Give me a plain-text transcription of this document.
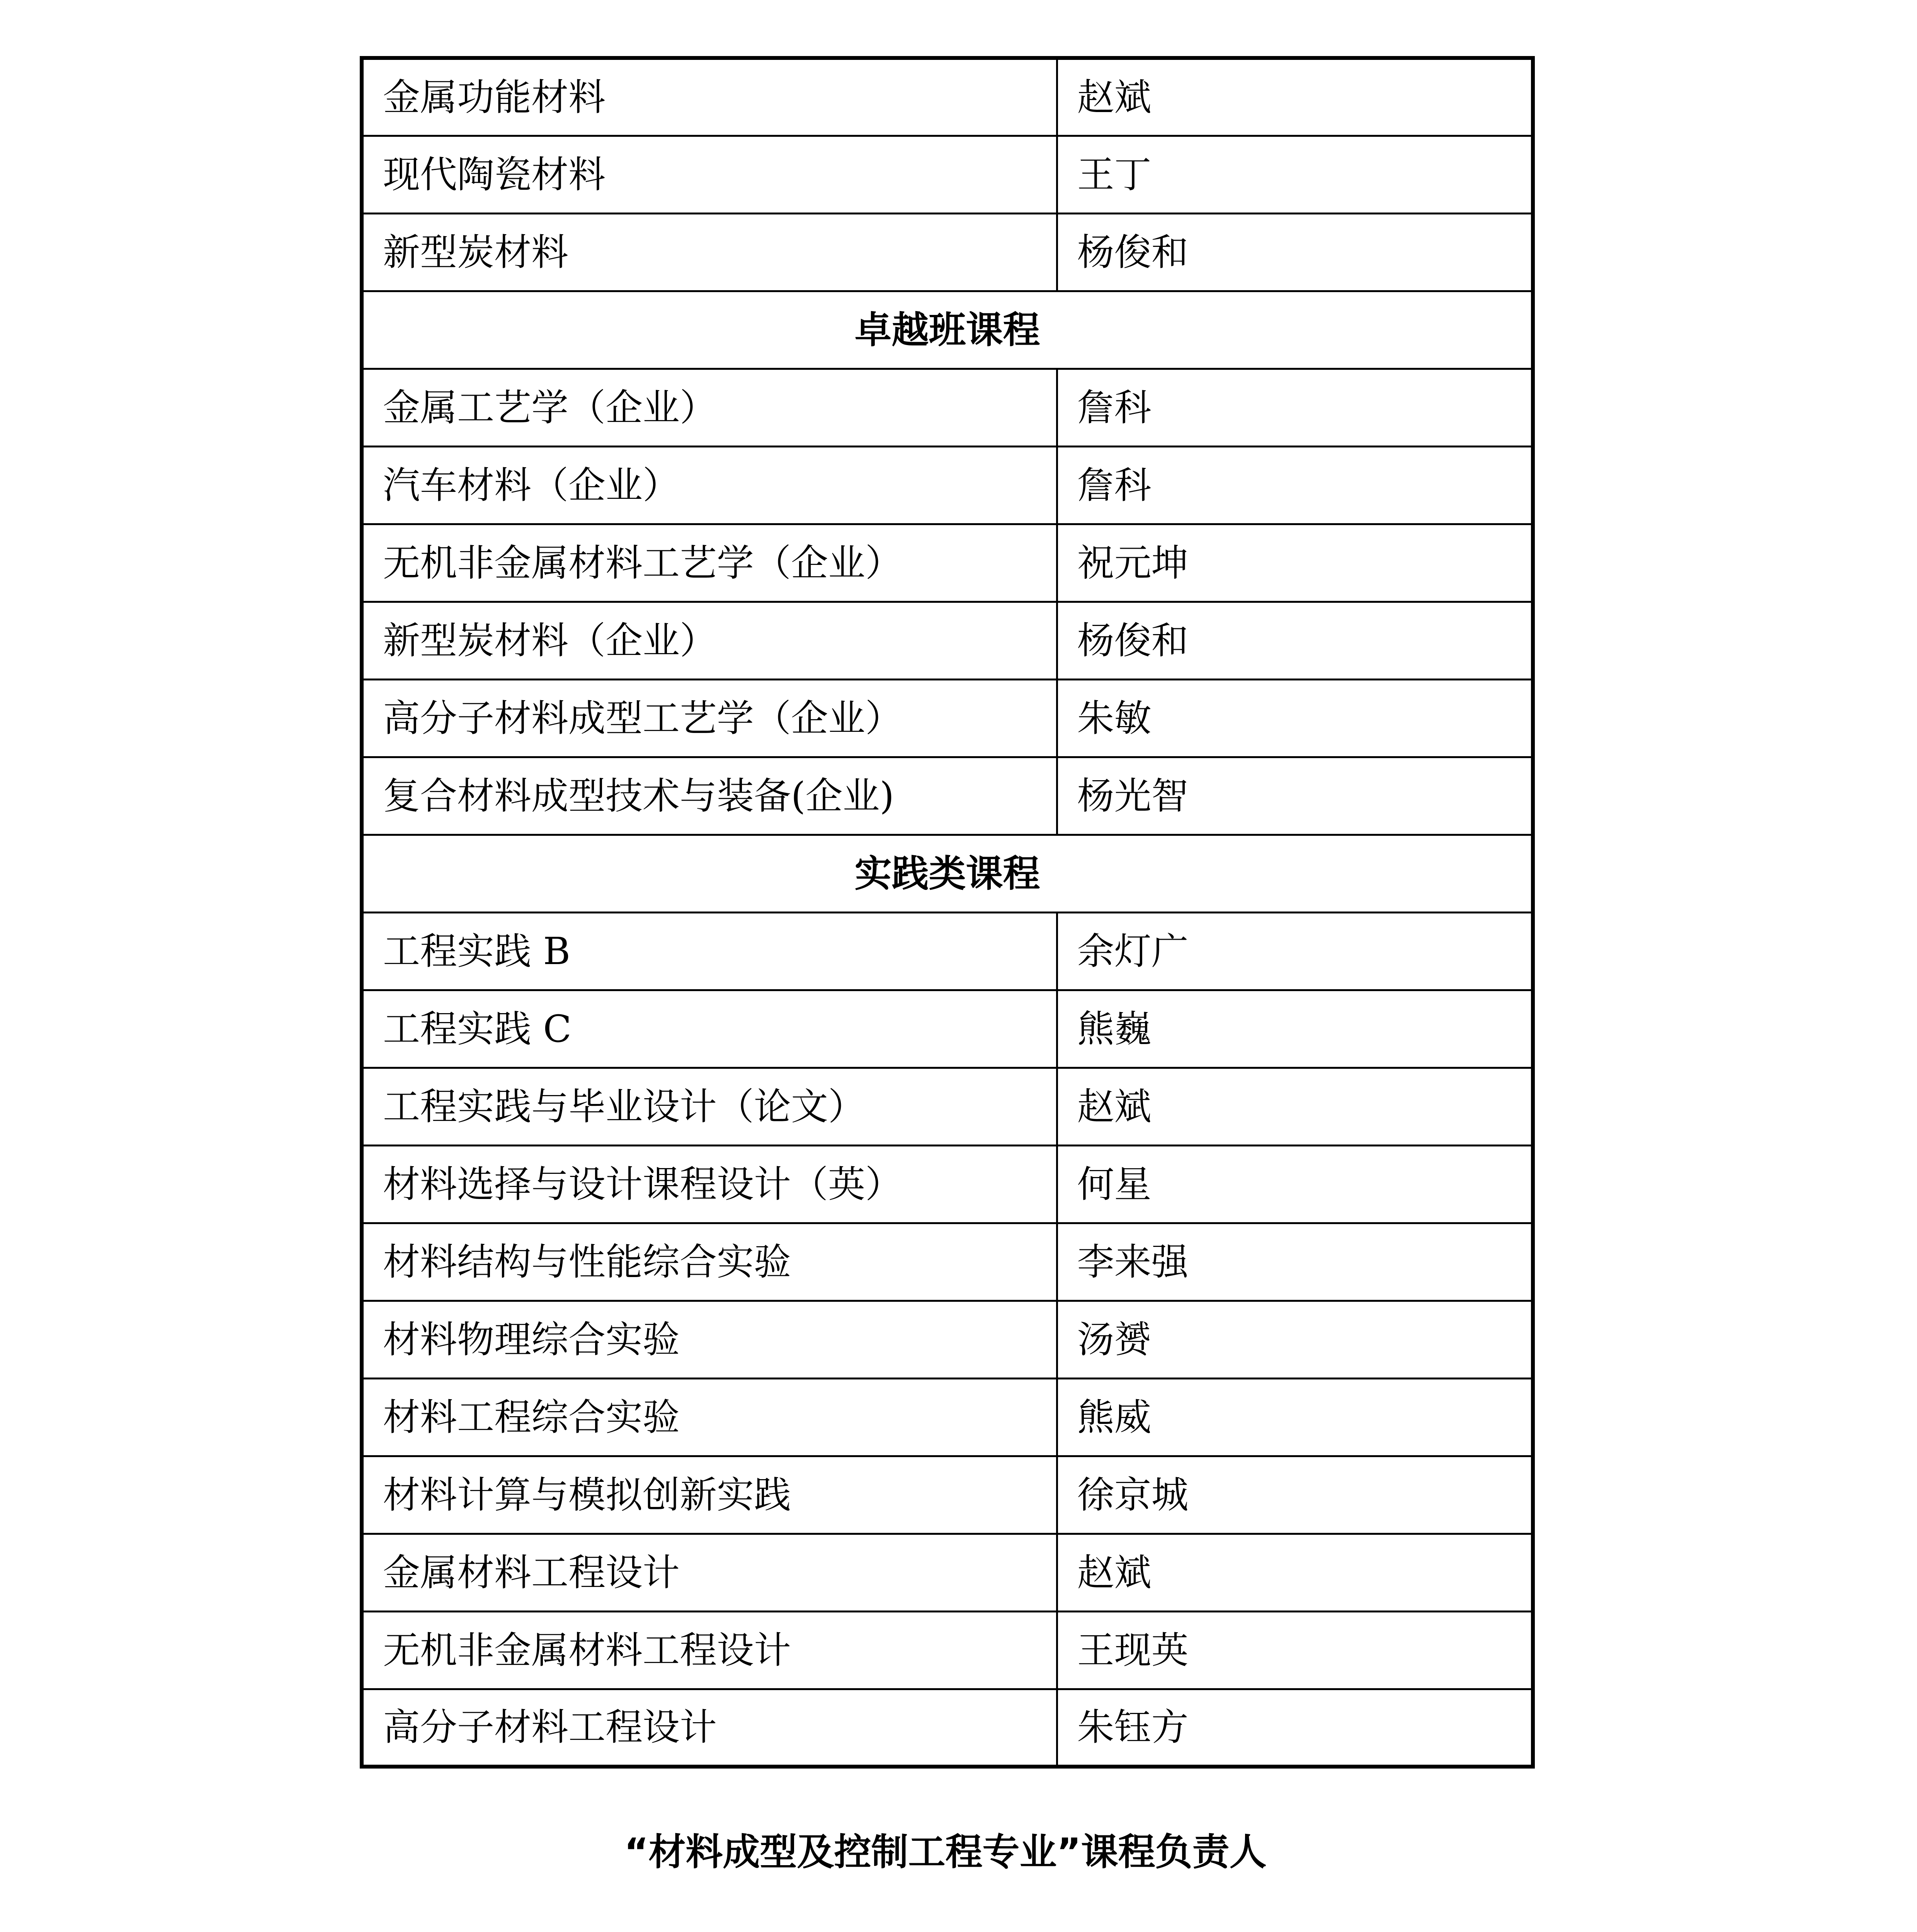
金属功能材料	赵斌
现代陶瓷材料	王丁
新型炭材料	杨俊和
卓越班课程	
金属工艺学（企业）	詹科
汽车材料（企业）	詹科
无机非金属材料工艺学（企业）	祝元坤
新型炭材料（企业）	杨俊和
高分子材料成型工艺学（企业）	朱敏
复合材料成型技术与装备(企业)	杨光智
实践类课程	
工程实践 B	余灯广
工程实践 C	熊巍
工程实践与毕业设计（论文）	赵斌
材料选择与设计课程设计（英）	何星
材料结构与性能综合实验	李来强
材料物理综合实验	汤赟
材料工程综合实验	熊威
材料计算与模拟创新实践	徐京城
金属材料工程设计	赵斌
无机非金属材料工程设计	王现英
高分子材料工程设计	朱钰方
“材料成型及控制工程专业”课程负责人
